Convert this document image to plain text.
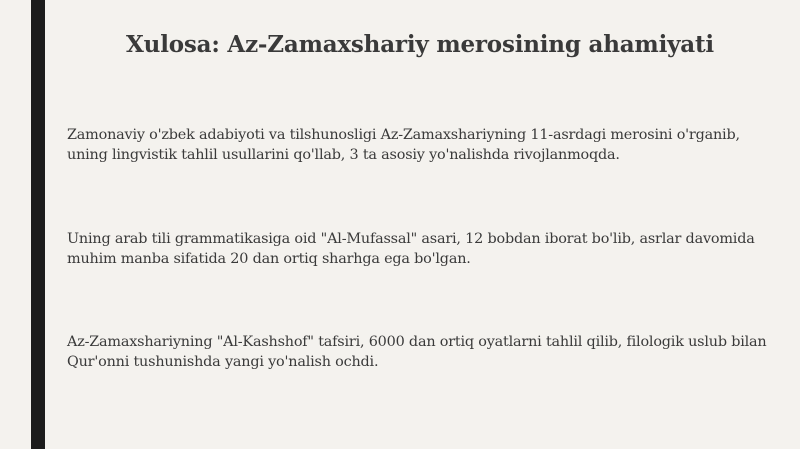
Xulosa: Az-Zamaxshariy merosining ahamiyati

Zamonaviy o'zbek adabiyoti va tilshunosligi Az-Zamaxshariyning 11-asrdagi merosini o'rganib, uning lingvistik tahlil usullarini qo'llab, 3 ta asosiy yo'nalishda rivojlanmoqda.

Uning arab tili grammatikasiga oid "Al-Mufassal" asari, 12 bobdan iborat bo'lib, asrlar davomida muhim manba sifatida 20 dan ortiq sharhga ega bo'lgan.

Az-Zamaxshariyning "Al-Kashshof" tafsiri, 6000 dan ortiq oyatlarni tahlil qilib, filologik uslub bilan Qur'onni tushunishda yangi yo'nalish ochdi.
